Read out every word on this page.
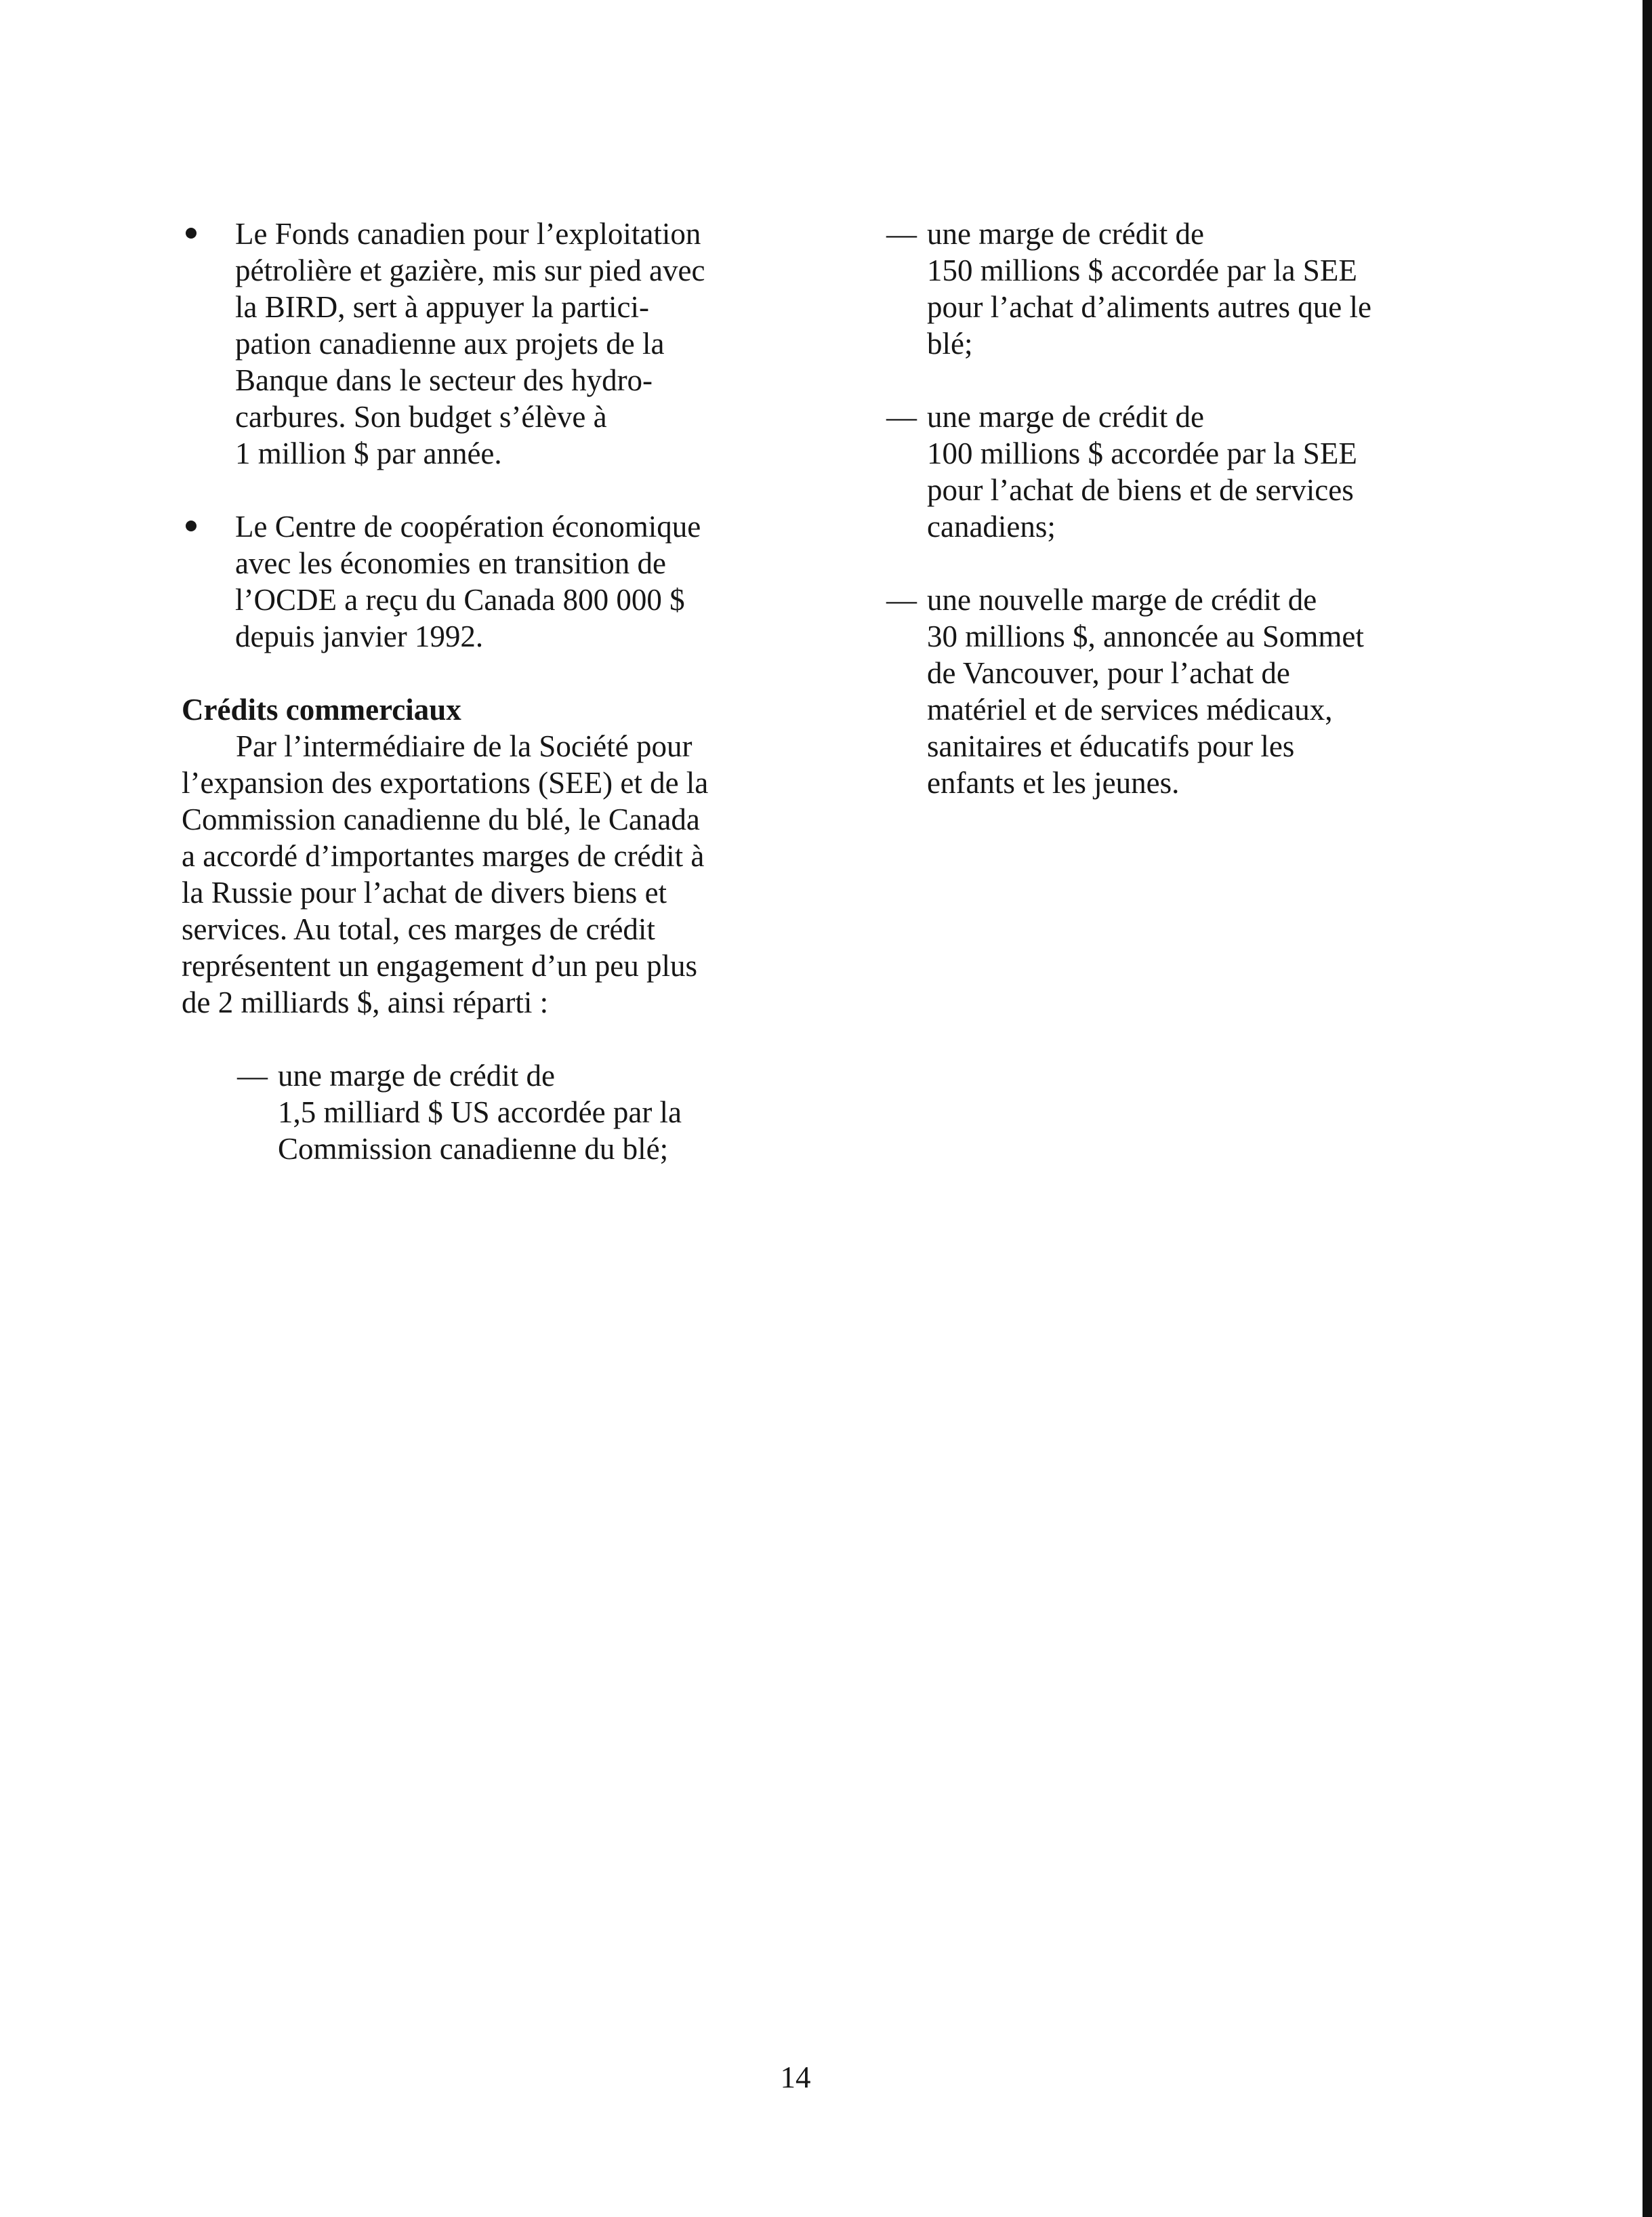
Le Fonds canadien pour l’exploitation
pétrolière et gazière, mis sur pied avec
la BIRD, sert à appuyer la partici-
pation canadienne aux projets de la
Banque dans le secteur des hydro-
carbures. Son budget s’élève à
1 million $ par année.
Le Centre de coopération économique
avec les économies en transition de
l’OCDE a reçu du Canada 800 000 $
depuis janvier 1992.
Crédits commerciaux
Par l’intermédiaire de la Société pour
l’expansion des exportations (SEE) et de la
Commission canadienne du blé, le Canada
a accordé d’importantes marges de crédit à
la Russie pour l’achat de divers biens et
services. Au total, ces marges de crédit
représentent un engagement d’un peu plus
de 2 milliards $, ainsi réparti :
— une marge de crédit de
1,5 milliard $ US accordée par la
Commission canadienne du blé;
— une marge de crédit de
150 millions $ accordée par la SEE
pour l’achat d’aliments autres que le
blé;
— une marge de crédit de
100 millions $ accordée par la SEE
pour l’achat de biens et de services
canadiens;
— une nouvelle marge de crédit de
30 millions $, annoncée au Sommet
de Vancouver, pour l’achat de
matériel et de services médicaux,
sanitaires et éducatifs pour les
enfants et les jeunes.
14
